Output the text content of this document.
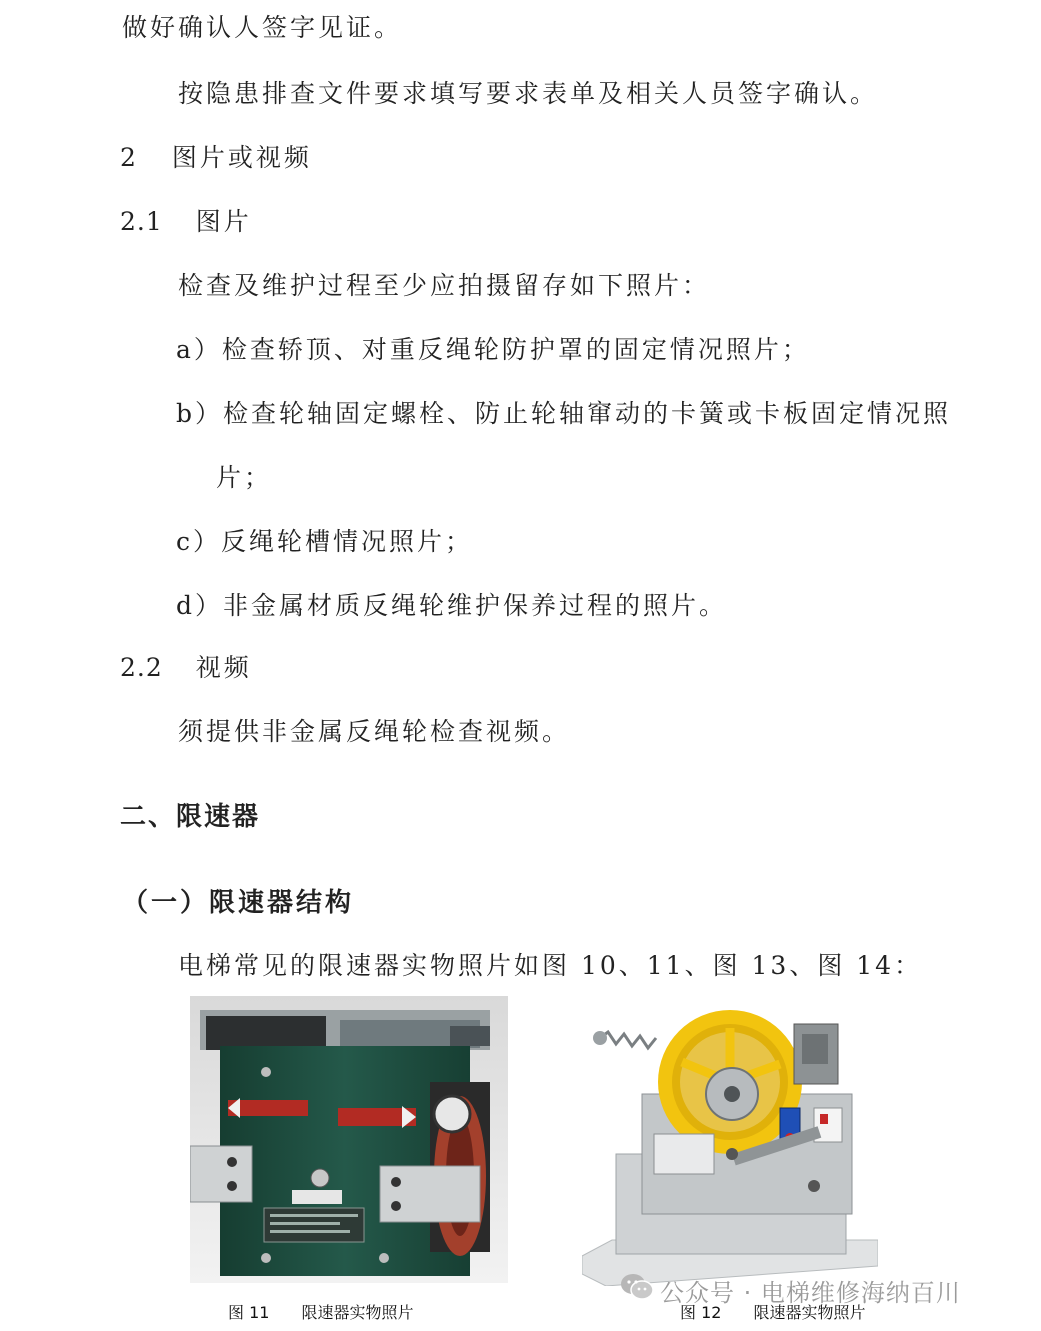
做好确认人签字见证。
按隐患排查文件要求填写要求表单及相关人员签字确认。
2 图片或视频
2.1 图片
检查及维护过程至少应拍摄留存如下照片：
a）检查轿顶、对重反绳轮防护罩的固定情况照片；
b）检查轮轴固定螺栓、防止轮轴窜动的卡簧或卡板固定情况照
片；
c）反绳轮槽情况照片；
d）非金属材质反绳轮维护保养过程的照片。
2.2 视频
须提供非金属反绳轮检查视频。
二、限速器
（一）限速器结构
电梯常见的限速器实物照片如图 10、11、图 13、图 14：
图 11　　限速器实物照片	图 12　　限速器实物照片
公众号 · 电梯维修海纳百川
